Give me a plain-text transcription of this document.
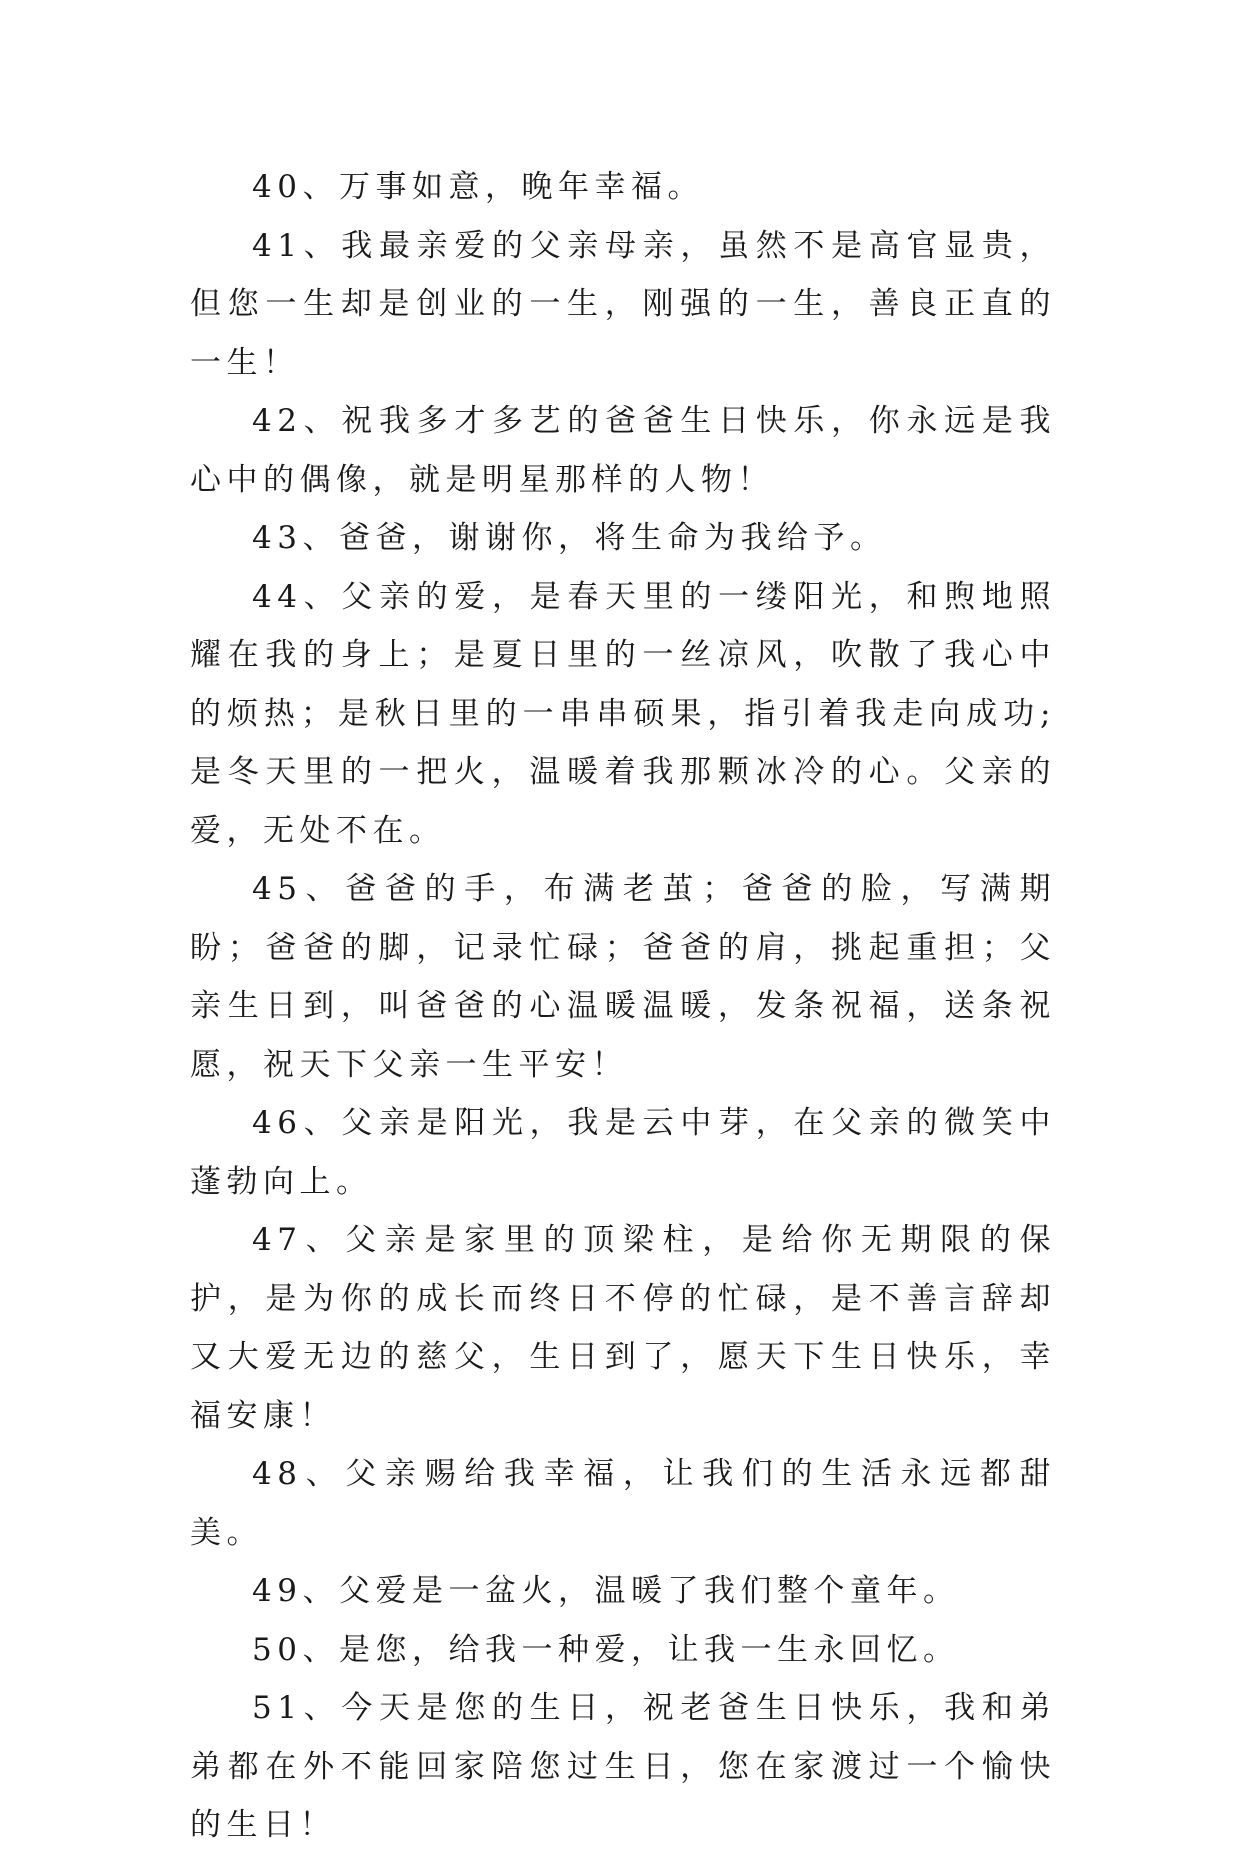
40、万事如意，晚年幸福。

41、我最亲爱的父亲母亲，虽然不是高官显贵，但您一生却是创业的一生，刚强的一生，善良正直的一生！

42、祝我多才多艺的爸爸生日快乐，你永远是我心中的偶像，就是明星那样的人物！

43、爸爸，谢谢你，将生命为我给予。

44、父亲的爱，是春天里的一缕阳光，和煦地照耀在我的身上；是夏日里的一丝凉风，吹散了我心中的烦热；是秋日里的一串串硕果，指引着我走向成功;是冬天里的一把火，温暖着我那颗冰冷的心。父亲的爱，无处不在。

45、爸爸的手，布满老茧；爸爸的脸，写满期盼；爸爸的脚，记录忙碌；爸爸的肩，挑起重担；父亲生日到，叫爸爸的心温暖温暖，发条祝福，送条祝愿，祝天下父亲一生平安！

46、父亲是阳光，我是云中芽，在父亲的微笑中蓬勃向上。

47、父亲是家里的顶梁柱，是给你无期限的保护，是为你的成长而终日不停的忙碌，是不善言辞却又大爱无边的慈父，生日到了，愿天下生日快乐，幸福安康！

48、父亲赐给我幸福，让我们的生活永远都甜美。

49、父爱是一盆火，温暖了我们整个童年。

50、是您，给我一种爱，让我一生永回忆。

51、今天是您的生日，祝老爸生日快乐，我和弟弟都在外不能回家陪您过生日，您在家渡过一个愉快的生日！
